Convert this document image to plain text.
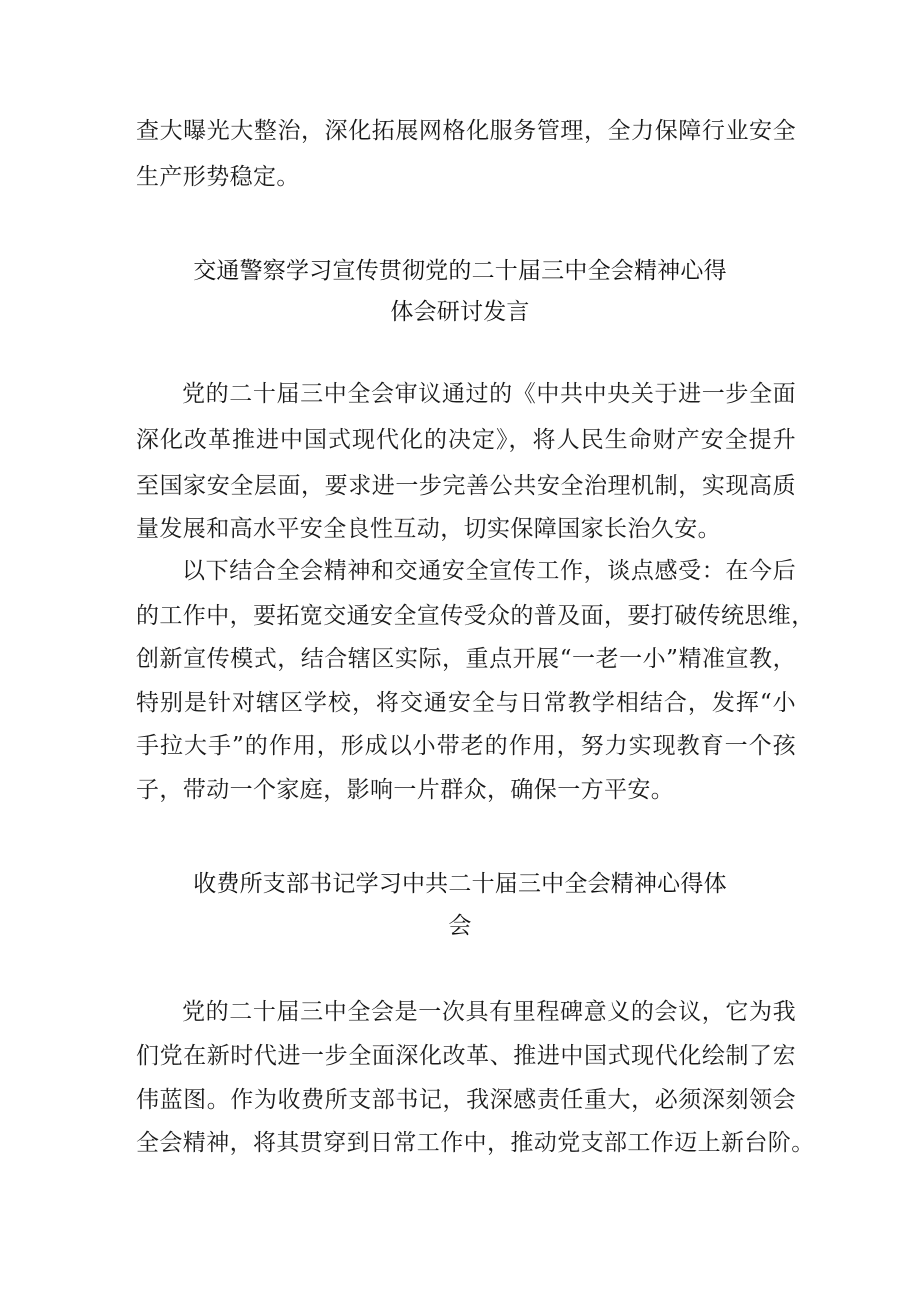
查大曝光大整治，深化拓展网格化服务管理，全力保障行业安全
生产形势稳定。
交通警察学习宣传贯彻党的二十届三中全会精神心得
体会研讨发言
党的二十届三中全会审议通过的《中共中央关于进一步全面
深化改革推进中国式现代化的决定》，将人民生命财产安全提升
至国家安全层面，要求进一步完善公共安全治理机制，实现高质
量发展和高水平安全良性互动，切实保障国家长治久安。
以下结合全会精神和交通安全宣传工作，谈点感受：在今后
的工作中，要拓宽交通安全宣传受众的普及面，要打破传统思维，
创新宣传模式，结合辖区实际，重点开展“一老一小”精准宣教，
特别是针对辖区学校，将交通安全与日常教学相结合，发挥“小
手拉大手”的作用，形成以小带老的作用，努力实现教育一个孩
子，带动一个家庭，影响一片群众，确保一方平安。
收费所支部书记学习中共二十届三中全会精神心得体
会
党的二十届三中全会是一次具有里程碑意义的会议，它为我
们党在新时代进一步全面深化改革、推进中国式现代化绘制了宏
伟蓝图。作为收费所支部书记，我深感责任重大，必须深刻领会
全会精神，将其贯穿到日常工作中，推动党支部工作迈上新台阶。
